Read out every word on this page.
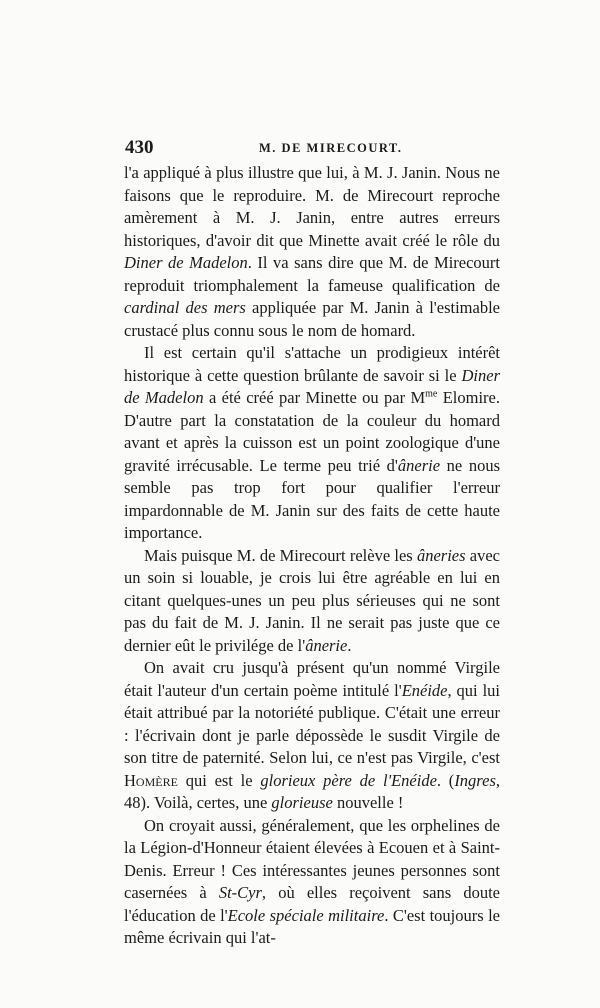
430	M. DE MIRECOURT.

l'a appliqué à plus illustre que lui, à M. J. Janin. Nous ne faisons que le reproduire. M. de Mirecourt reproche amèrement à M. J. Janin, entre autres erreurs historiques, d'avoir dit que Minette avait créé le rôle du Diner de Madelon. Il va sans dire que M. de Mirecourt reproduit triomphalement la fameuse qualification de cardinal des mers appliquée par M. Janin à l'estimable crustacé plus connu sous le nom de homard.

Il est certain qu'il s'attache un prodigieux intérêt historique à cette question brûlante de savoir si le Diner de Madelon a été créé par Minette ou par $M^{me}$ Elomire. D'autre part la constatation de la couleur du homard avant et après la cuisson est un point zoologique d'une gravité irrécusable. Le terme peu trié d'ânerie ne nous semble pas trop fort pour qualifier l'erreur impardonnable de M. Janin sur des faits de cette haute importance.

Mais puisque M. de Mirecourt relève les âneries avec un soin si louable, je crois lui être agréable en lui en citant quelques-unes un peu plus sérieuses qui ne sont pas du fait de M. J. Janin. Il ne serait pas juste que ce dernier eût le privilége de l'ânerie.

On avait cru jusqu'à présent qu'un nommé Virgile était l'auteur d'un certain poème intitulé l'Enéide, qui lui était attribué par la notoriété publique. C'était une erreur : l'écrivain dont je parle dépossède le susdit Virgile de son titre de paternité. Selon lui, ce n'est pas Virgile, c'est Homère qui est le glorieux père de l'Enéide. (Ingres, 48). Voilà, certes, une glorieuse nouvelle !

On croyait aussi, généralement, que les orphelines de la Légion-d'Honneur étaient élevées à Ecouen et à Saint-Denis. Erreur ! Ces intéressantes jeunes personnes sont casernées à St-Cyr, où elles reçoivent sans doute l'éducation de l'Ecole spéciale militaire. C'est toujours le même écrivain qui l'at-
